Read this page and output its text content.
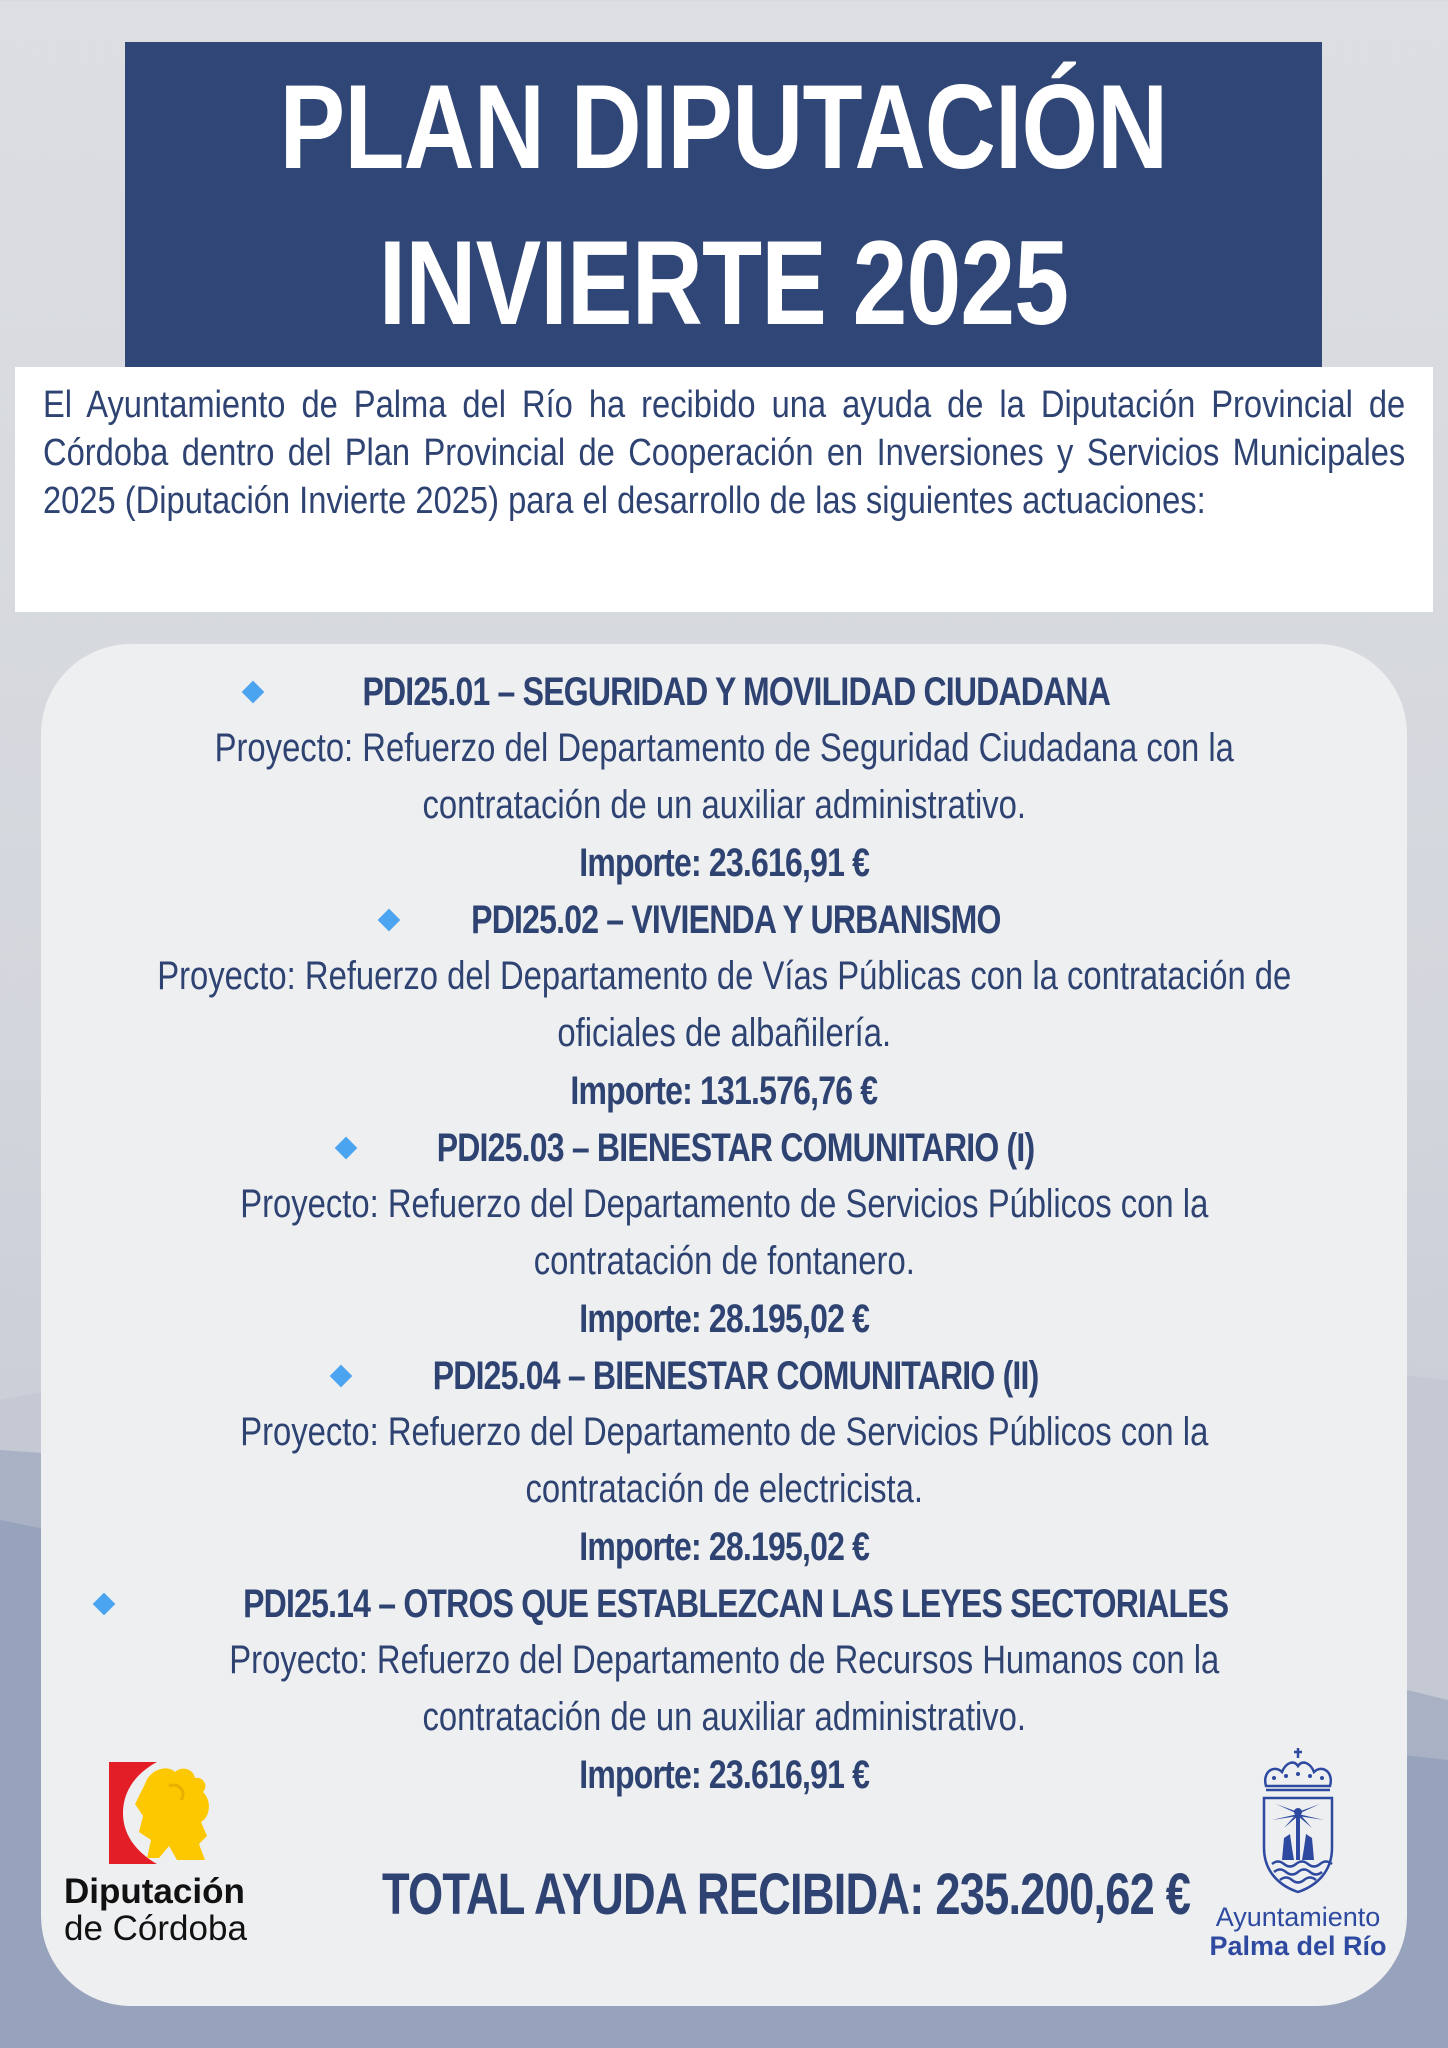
PLAN DIPUTACIÓN
INVIERTE 2025

El Ayuntamiento de Palma del Río ha recibido una ayuda de la Diputación Provincial de Córdoba dentro del Plan Provincial de Cooperación en Inversiones y Servicios Municipales 2025 (Diputación Invierte 2025) para el desarrollo de las siguientes actuaciones:

PDI25.01 – SEGURIDAD Y MOVILIDAD CIUDADANA
Proyecto: Refuerzo del Departamento de Seguridad Ciudadana con la
contratación de un auxiliar administrativo.
Importe: 23.616,91 €
PDI25.02 – VIVIENDA Y URBANISMO
Proyecto: Refuerzo del Departamento de Vías Públicas con la contratación de
oficiales de albañilería.
Importe: 131.576,76 €
PDI25.03 – BIENESTAR COMUNITARIO (I)
Proyecto: Refuerzo del Departamento de Servicios Públicos con la
contratación de fontanero.
Importe: 28.195,02 €
PDI25.04 – BIENESTAR COMUNITARIO (II)
Proyecto: Refuerzo del Departamento de Servicios Públicos con la
contratación de electricista.
Importe: 28.195,02 €
PDI25.14 – OTROS QUE ESTABLEZCAN LAS LEYES SECTORIALES
Proyecto: Refuerzo del Departamento de Recursos Humanos con la
contratación de un auxiliar administrativo.
Importe: 23.616,91 €
Diputación
de Córdoba
TOTAL AYUDA RECIBIDA: 235.200,62 € Ayuntamiento
Palma del Río
